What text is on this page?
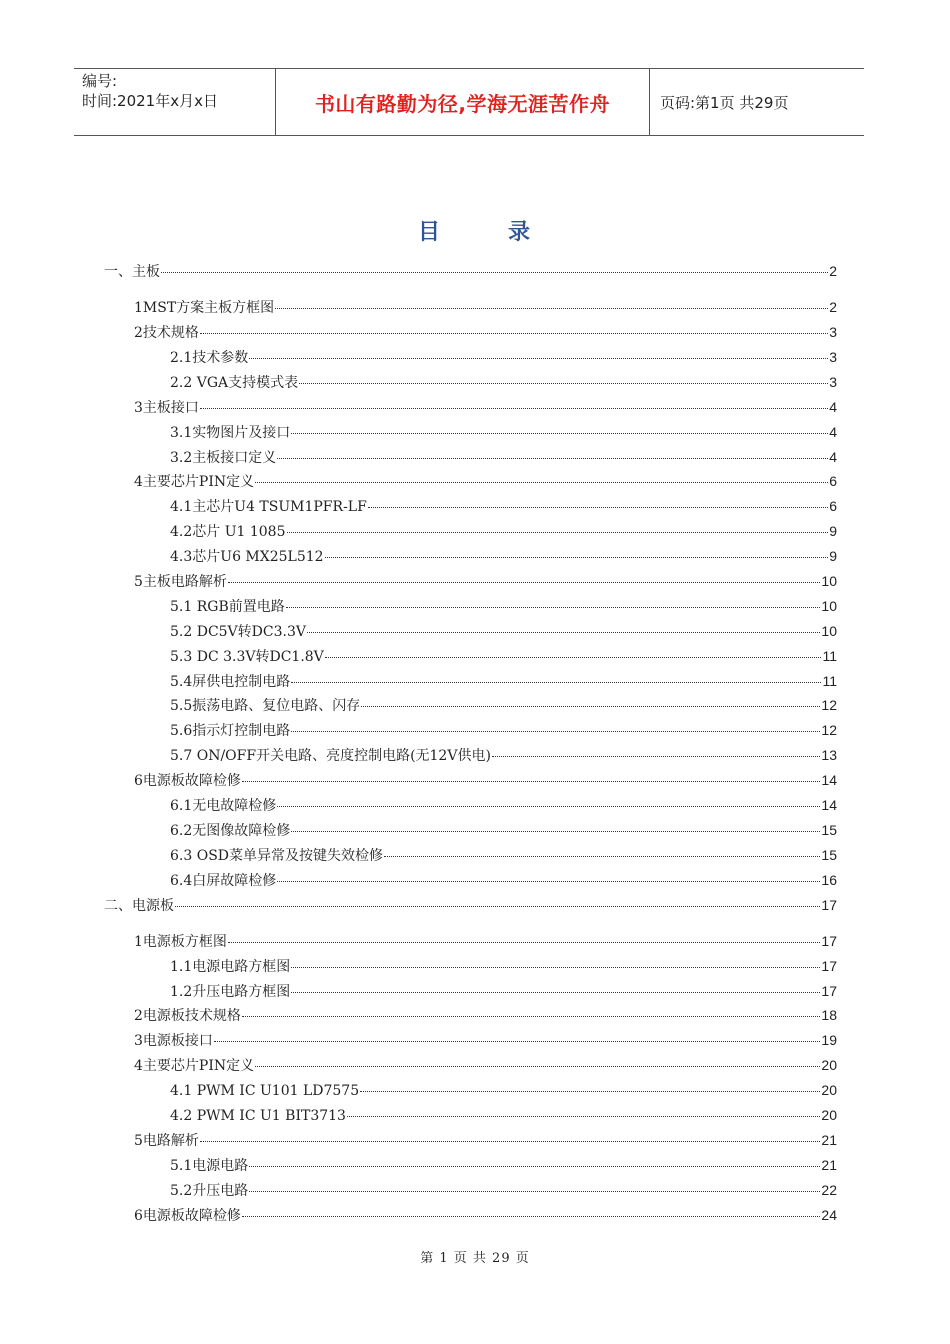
编号:
时间:2021年x月x日	书山有路勤为径,学海无涯苦作舟	页码:第1页 共29页
目	录
一、主板	2
1MST方案主板方框图	2
2技术规格	3
2.1技术参数	3
2.2 VGA支持模式表	3
3主板接口	4
3.1实物图片及接口	4
3.2主板接口定义	4
4主要芯片PIN定义	6
4.1主芯片U4 TSUM1PFR-LF	6
4.2芯片 U1 1085	9
4.3芯片U6 MX25L512	9
5主板电路解析	10
5.1 RGB前置电路	10
5.2 DC5V转DC3.3V	10
5.3 DC 3.3V转DC1.8V	11
5.4屏供电控制电路	11
5.5振荡电路、复位电路、闪存	12
5.6指示灯控制电路	12
5.7 ON/OFF开关电路、亮度控制电路(无12V供电)	13
6电源板故障检修	14
6.1无电故障检修	14
6.2无图像故障检修	15
6.3 OSD菜单异常及按键失效检修	15
6.4白屏故障检修	16
二、电源板	17
1电源板方框图	17
1.1电源电路方框图	17
1.2升压电路方框图	17
2电源板技术规格	18
3电源板接口	19
4主要芯片PIN定义	20
4.1 PWM IC U101 LD7575	20
4.2 PWM IC U1 BIT3713	20
5电路解析	21
5.1电源电路	21
5.2升压电路	22
6电源板故障检修	24
第 1 页 共 29 页
